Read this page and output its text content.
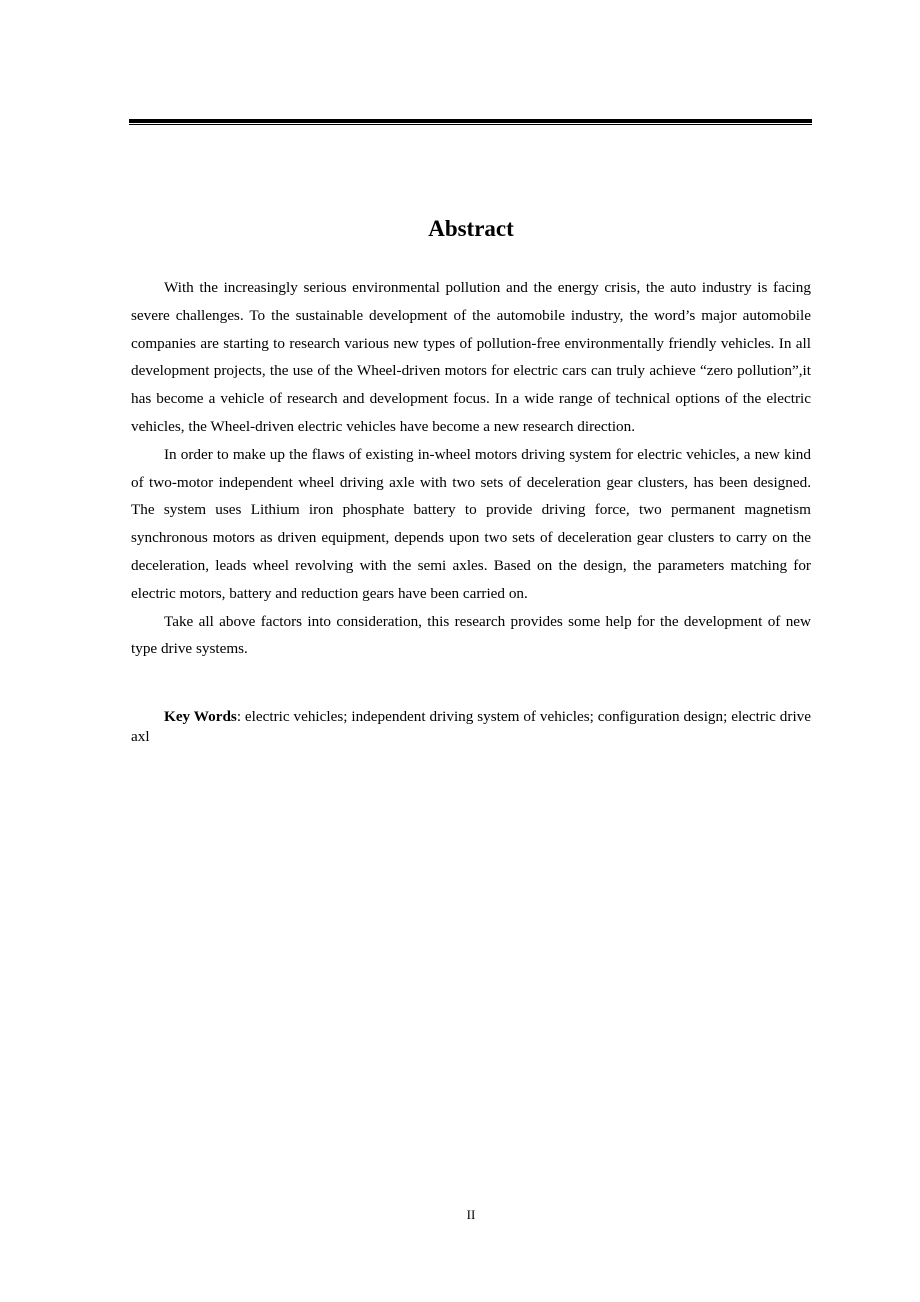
Abstract

With the increasingly serious environmental pollution and the energy crisis, the auto industry is facing severe challenges. To the sustainable development of the automobile industry, the word’s major automobile companies are starting to research various new types of pollution-free environmentally friendly vehicles. In all development projects, the use of the Wheel-driven motors for electric cars can truly achieve “zero pollution”,it has become a vehicle of research and development focus. In a wide range of technical options of the electric vehicles, the Wheel-driven electric vehicles have become a new research direction.

In order to make up the flaws of existing in-wheel motors driving system for electric vehicles, a new kind of two-motor independent wheel driving axle with two sets of deceleration gear clusters, has been designed. The system uses Lithium iron phosphate battery to provide driving force, two permanent magnetism synchronous motors as driven equipment, depends upon two sets of deceleration gear clusters to carry on the deceleration, leads wheel revolving with the semi axles. Based on the design, the parameters matching for electric motors, battery and reduction gears have been carried on.

Take all above factors into consideration, this research provides some help for the development of new type drive systems.

Key Words: electric vehicles; independent driving system of vehicles; configuration design; electric drive axl

II
